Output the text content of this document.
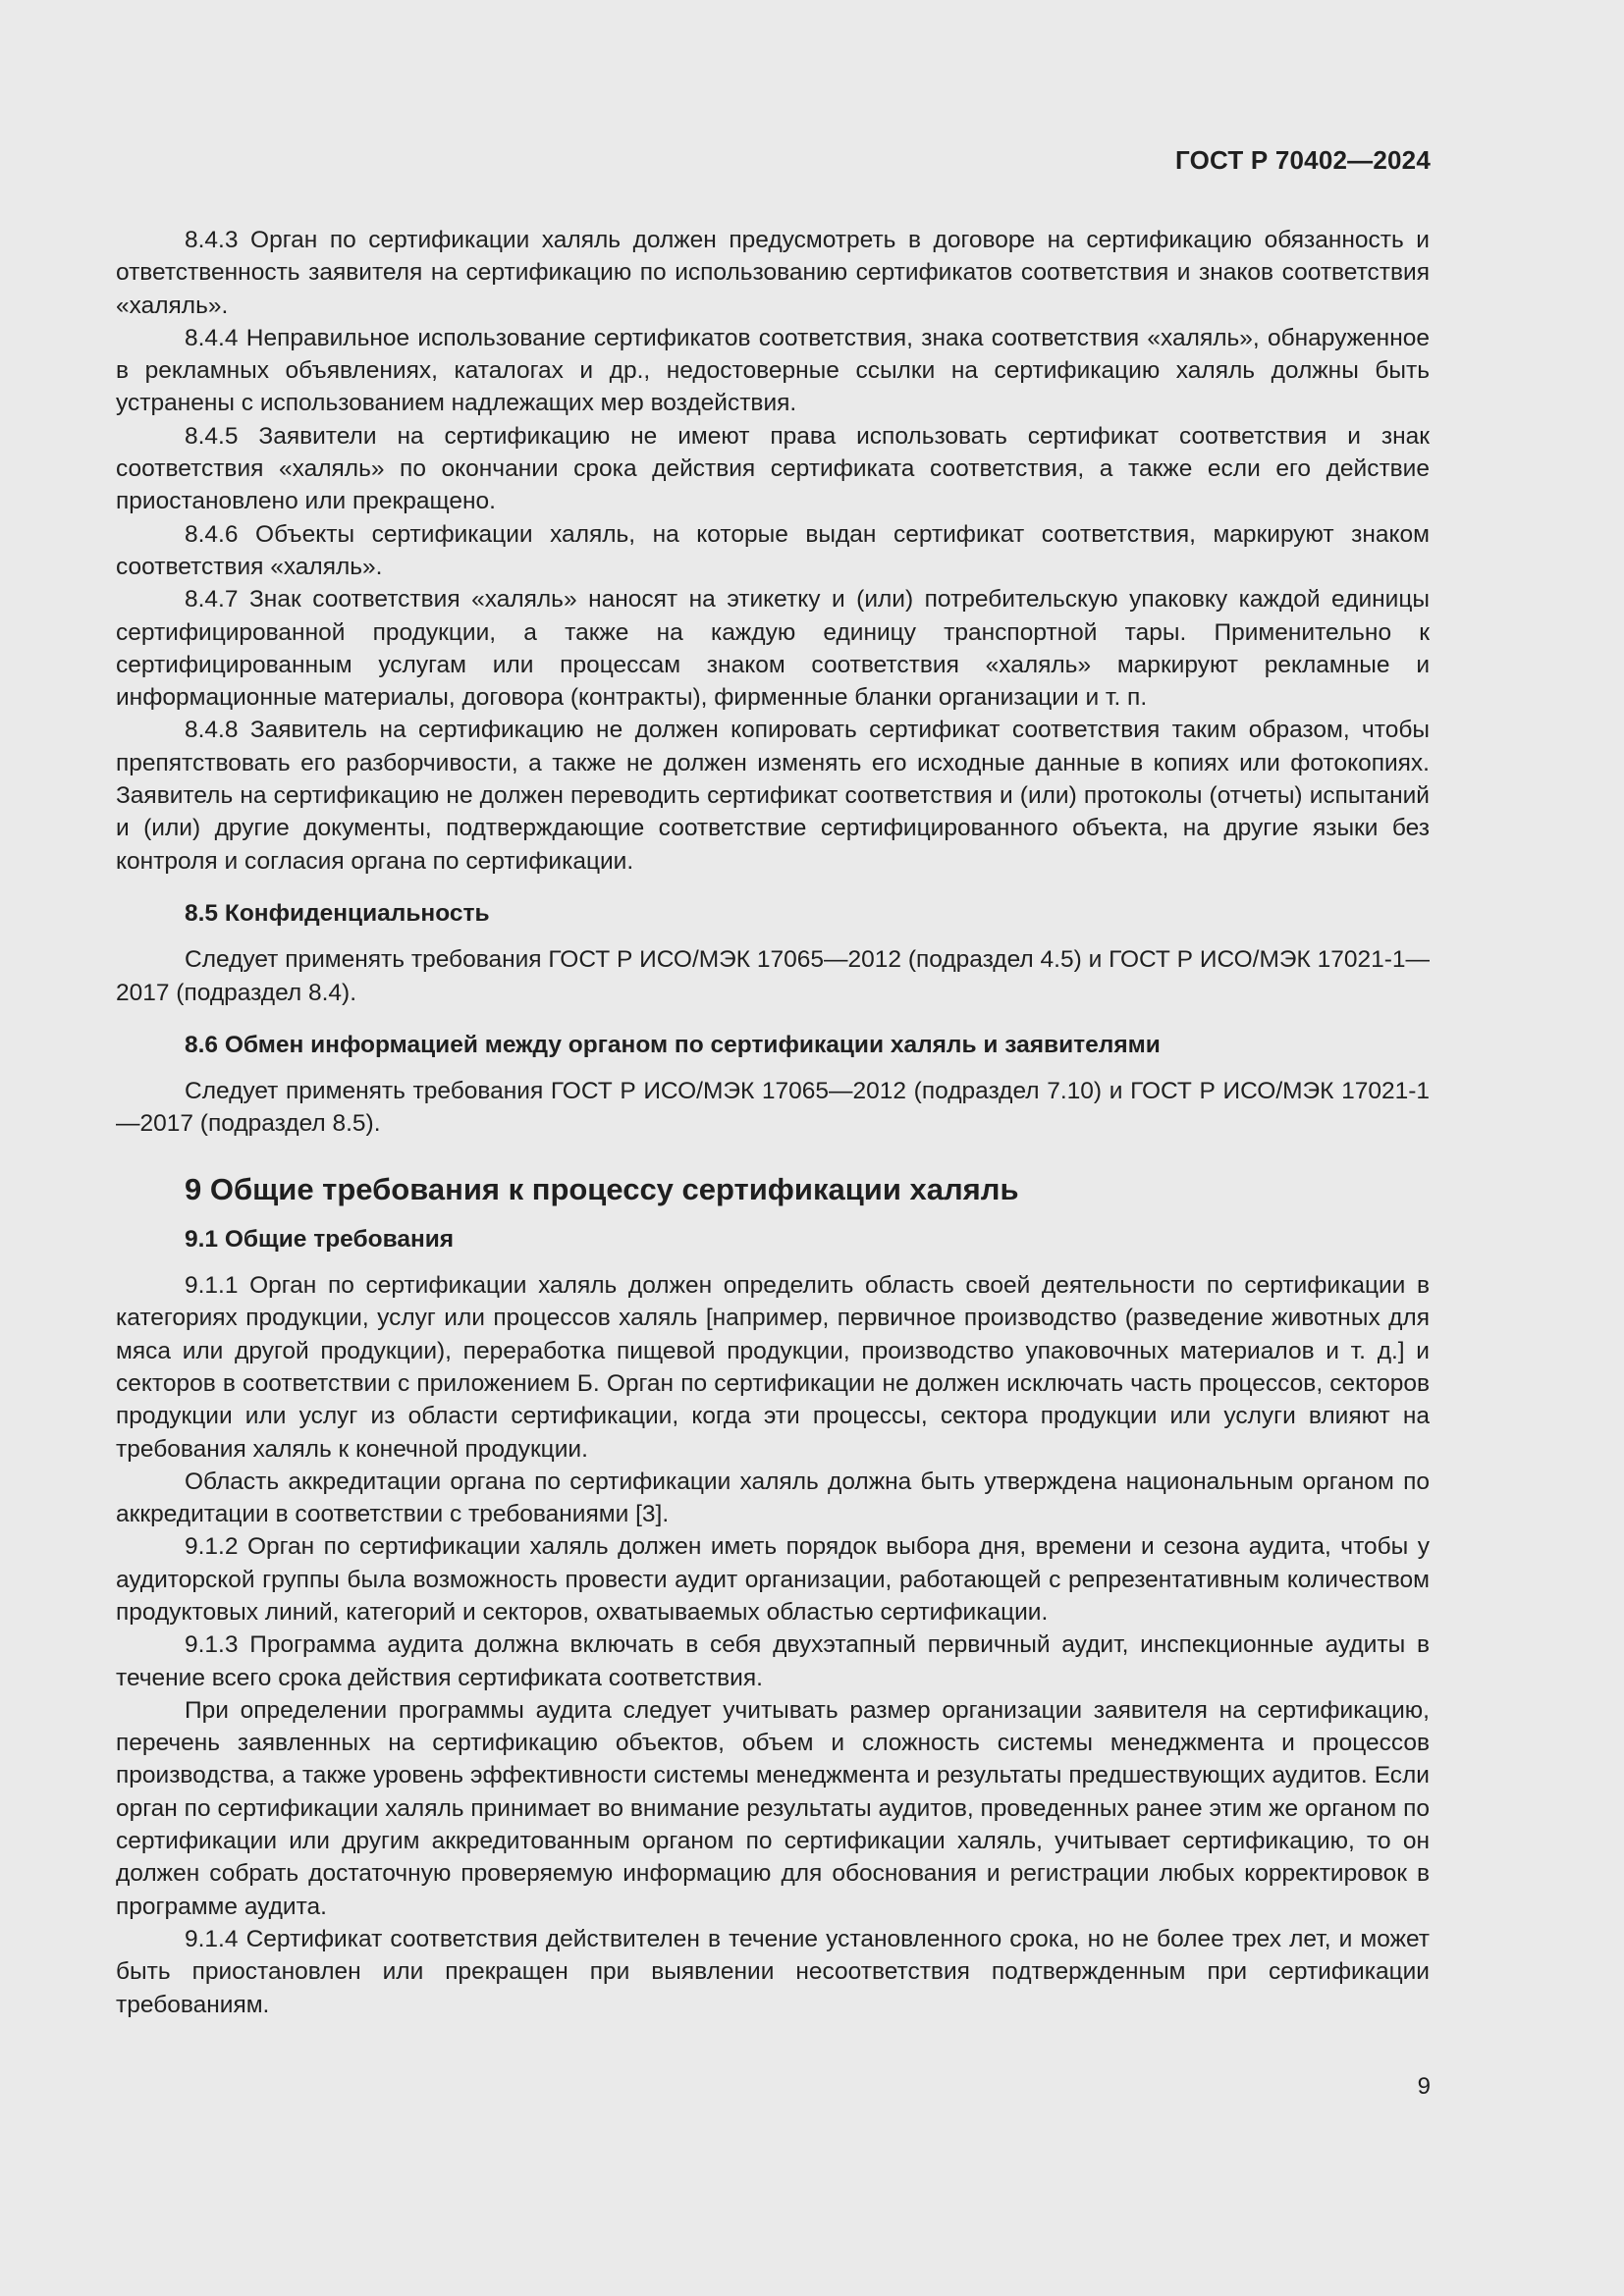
ГОСТ Р 70402—2024

8.4.3 Орган по сертификации халяль должен предусмотреть в договоре на сертификацию обязанность и ответственность заявителя на сертификацию по использованию сертификатов соответствия и знаков соответствия «халяль».

8.4.4 Неправильное использование сертификатов соответствия, знака соответствия «халяль», обнаруженное в рекламных объявлениях, каталогах и др., недостоверные ссылки на сертификацию халяль должны быть устранены с использованием надлежащих мер воздействия.

8.4.5 Заявители на сертификацию не имеют права использовать сертификат соответствия и знак соответствия «халяль» по окончании срока действия сертификата соответствия, а также если его действие приостановлено или прекращено.

8.4.6 Объекты сертификации халяль, на которые выдан сертификат соответствия, маркируют знаком соответствия «халяль».

8.4.7 Знак соответствия «халяль» наносят на этикетку и (или) потребительскую упаковку каждой единицы сертифицированной продукции, а также на каждую единицу транспортной тары. Применительно к сертифицированным услугам или процессам знаком соответствия «халяль» маркируют рекламные и информационные материалы, договора (контракты), фирменные бланки организации и т. п.

8.4.8 Заявитель на сертификацию не должен копировать сертификат соответствия таким образом, чтобы препятствовать его разборчивости, а также не должен изменять его исходные данные в копиях или фотокопиях. Заявитель на сертификацию не должен переводить сертификат соответствия и (или) протоколы (отчеты) испытаний и (или) другие документы, подтверждающие соответствие сертифицированного объекта, на другие языки без контроля и согласия органа по сертификации.

8.5 Конфиденциальность

Следует применять требования ГОСТ Р ИСО/МЭК 17065—2012 (подраздел 4.5) и ГОСТ Р ИСО/МЭК 17021-1—2017 (подраздел 8.4).

8.6 Обмен информацией между органом по сертификации халяль и заявителями

Следует применять требования ГОСТ Р ИСО/МЭК 17065—2012 (подраздел 7.10) и ГОСТ Р ИСО/МЭК 17021-1—2017 (подраздел 8.5).

9 Общие требования к процессу сертификации халяль

9.1 Общие требования

9.1.1 Орган по сертификации халяль должен определить область своей деятельности по сертификации в категориях продукции, услуг или процессов халяль [например, первичное производство (разведение животных для мяса или другой продукции), переработка пищевой продукции, производство упаковочных материалов и т. д.] и секторов в соответствии с приложением Б. Орган по сертификации не должен исключать часть процессов, секторов продукции или услуг из области сертификации, когда эти процессы, сектора продукции или услуги влияют на требования халяль к конечной продукции.

Область аккредитации органа по сертификации халяль должна быть утверждена национальным органом по аккредитации в соответствии с требованиями [3].

9.1.2 Орган по сертификации халяль должен иметь порядок выбора дня, времени и сезона аудита, чтобы у аудиторской группы была возможность провести аудит организации, работающей с репрезентативным количеством продуктовых линий, категорий и секторов, охватываемых областью сертификации.

9.1.3 Программа аудита должна включать в себя двухэтапный первичный аудит, инспекционные аудиты в течение всего срока действия сертификата соответствия.

При определении программы аудита следует учитывать размер организации заявителя на сертификацию, перечень заявленных на сертификацию объектов, объем и сложность системы менеджмента и процессов производства, а также уровень эффективности системы менеджмента и результаты предшествующих аудитов. Если орган по сертификации халяль принимает во внимание результаты аудитов, проведенных ранее этим же органом по сертификации или другим аккредитованным органом по сертификации халяль, учитывает сертификацию, то он должен собрать достаточную проверяемую информацию для обоснования и регистрации любых корректировок в программе аудита.

9.1.4 Сертификат соответствия действителен в течение установленного срока, но не более трех лет, и может быть приостановлен или прекращен при выявлении несоответствия подтвержденным при сертификации требованиям.

9
